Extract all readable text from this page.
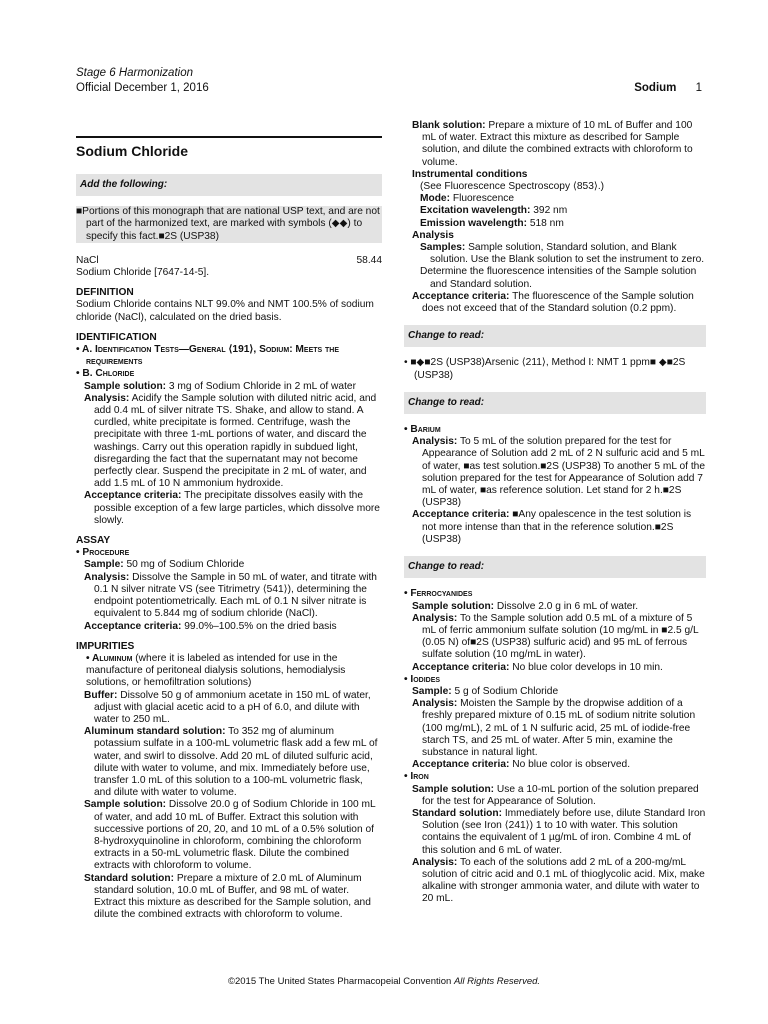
Stage 6 Harmonization
Official December 1, 2016	Sodium 1
Sodium Chloride
Add the following:

■Portions of this monograph that are national USP text, and are not part of the harmonized text, are marked with symbols (◆◆) to specify this fact.■2S (USP38)

NaCl	58.44

Sodium Chloride [7647-14-5].

DEFINITION

Sodium Chloride contains NLT 99.0% and NMT 100.5% of sodium chloride (NaCl), calculated on the dried basis.

IDENTIFICATION

• A. Identification Tests—General ⟨191⟩, Sodium: Meets the requirements

• B. Chloride

Sample solution: 3 mg of Sodium Chloride in 2 mL of water

Analysis: Acidify the Sample solution with diluted nitric acid, and add 0.4 mL of silver nitrate TS. Shake, and allow to stand. A curdled, white precipitate is formed. Centrifuge, wash the precipitate with three 1-mL portions of water, and discard the washings. Carry out this operation rapidly in subdued light, disregarding the fact that the supernatant may not become perfectly clear. Suspend the precipitate in 2 mL of water, and add 1.5 mL of 10 N ammonium hydroxide.

Acceptance criteria: The precipitate dissolves easily with the possible exception of a few large particles, which dissolve more slowly.

ASSAY

• Procedure

Sample: 50 mg of Sodium Chloride

Analysis: Dissolve the Sample in 50 mL of water, and titrate with 0.1 N silver nitrate VS (see Titrimetry ⟨541⟩), determining the endpoint potentiometrically. Each mL of 0.1 N silver nitrate is equivalent to 5.844 mg of sodium chloride (NaCl).

Acceptance criteria: 99.0%–100.5% on the dried basis

IMPURITIES

• Aluminum (where it is labeled as intended for use in the manufacture of peritoneal dialysis solutions, hemodialysis solutions, or hemofiltration solutions)

Buffer: Dissolve 50 g of ammonium acetate in 150 mL of water, adjust with glacial acetic acid to a pH of 6.0, and dilute with water to 250 mL.

Aluminum standard solution: To 352 mg of aluminum potassium sulfate in a 100-mL volumetric flask add a few mL of water, and swirl to dissolve. Add 20 mL of diluted sulfuric acid, dilute with water to volume, and mix. Immediately before use, transfer 1.0 mL of this solution to a 100-mL volumetric flask, and dilute with water to volume.

Sample solution: Dissolve 20.0 g of Sodium Chloride in 100 mL of water, and add 10 mL of Buffer. Extract this solution with successive portions of 20, 20, and 10 mL of a 0.5% solution of 8-hydroxyquinoline in chloroform, combining the chloroform extracts in a 50-mL volumetric flask. Dilute the combined extracts with chloroform to volume.

Standard solution: Prepare a mixture of 2.0 mL of Aluminum standard solution, 10.0 mL of Buffer, and 98 mL of water. Extract this mixture as described for the Sample solution, and dilute the combined extracts with chloroform to volume.

Blank solution: Prepare a mixture of 10 mL of Buffer and 100 mL of water. Extract this mixture as described for Sample solution, and dilute the combined extracts with chloroform to volume.

Instrumental conditions

(See Fluorescence Spectroscopy ⟨853⟩.)

Mode: Fluorescence

Excitation wavelength: 392 nm

Emission wavelength: 518 nm

Analysis

Samples: Sample solution, Standard solution, and Blank solution. Use the Blank solution to set the instrument to zero.

Determine the fluorescence intensities of the Sample solution and Standard solution.

Acceptance criteria: The fluorescence of the Sample solution does not exceed that of the Standard solution (0.2 ppm).

Change to read:

• ■◆■2S (USP38)Arsenic ⟨211⟩, Method I: NMT 1 ppm■ ◆■2S (USP38)

Change to read:

• Barium

Analysis: To 5 mL of the solution prepared for the test for Appearance of Solution add 2 mL of 2 N sulfuric acid and 5 mL of water, ■as test solution.■2S (USP38) To another 5 mL of the solution prepared for the test for Appearance of Solution add 7 mL of water, ■as reference solution. Let stand for 2 h.■2S (USP38)

Acceptance criteria: ■Any opalescence in the test solution is not more intense than that in the reference solution.■2S (USP38)

Change to read:

• Ferrocyanides

Sample solution: Dissolve 2.0 g in 6 mL of water.

Analysis: To the Sample solution add 0.5 mL of a mixture of 5 mL of ferric ammonium sulfate solution (10 mg/mL in ■2.5 g/L (0.05 N) of■2S (USP38) sulfuric acid) and 95 mL of ferrous sulfate solution (10 mg/mL in water).

Acceptance criteria: No blue color develops in 10 min.

• Iodides

Sample: 5 g of Sodium Chloride

Analysis: Moisten the Sample by the dropwise addition of a freshly prepared mixture of 0.15 mL of sodium nitrite solution (100 mg/mL), 2 mL of 1 N sulfuric acid, 25 mL of iodide-free starch TS, and 25 mL of water. After 5 min, examine the substance in natural light.

Acceptance criteria: No blue color is observed.

• Iron

Sample solution: Use a 10-mL portion of the solution prepared for the test for Appearance of Solution.

Standard solution: Immediately before use, dilute Standard Iron Solution (see Iron ⟨241⟩) 1 to 10 with water. This solution contains the equivalent of 1 µg/mL of iron. Combine 4 mL of this solution and 6 mL of water.

Analysis: To each of the solutions add 2 mL of a 200-mg/mL solution of citric acid and 0.1 mL of thioglycolic acid. Mix, make alkaline with stronger ammonia water, and dilute with water to 20 mL.

©2015 The United States Pharmacopeial Convention All Rights Reserved.
